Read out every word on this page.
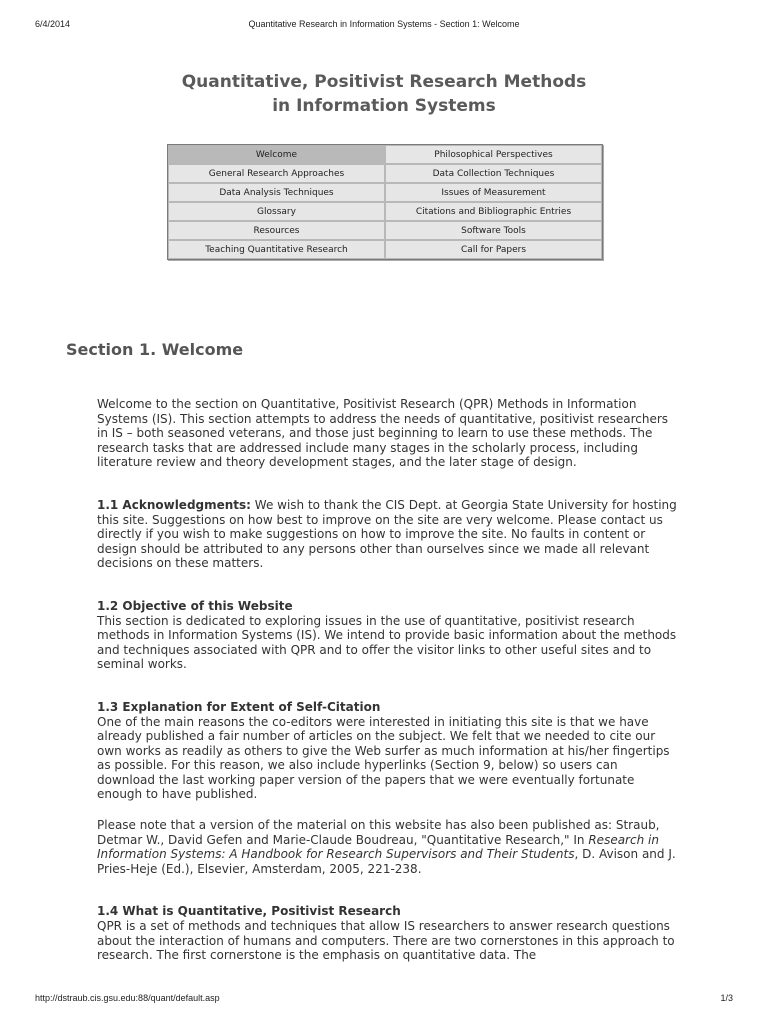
6/4/2014	Quantitative Research in Information Systems - Section 1: Welcome
Quantitative, Positivist Research Methods
in Information Systems
Welcome	Philosophical Perspectives
General Research Approaches	Data Collection Techniques
Data Analysis Techniques	Issues of Measurement
Glossary	Citations and Bibliographic Entries
Resources	Software Tools
Teaching Quantitative Research	Call for Papers
Section 1. Welcome

Welcome to the section on Quantitative, Positivist Research (QPR) Methods in Information Systems (IS). This section attempts to address the needs of quantitative, positivist researchers in IS – both seasoned veterans, and those just beginning to learn to use these methods. The research tasks that are addressed include many stages in the scholarly process, including literature review and theory development stages, and the later stage of design.

1.1 Acknowledgments: We wish to thank the CIS Dept. at Georgia State University for hosting this site. Suggestions on how best to improve on the site are very welcome. Please contact us directly if you wish to make suggestions on how to improve the site. No faults in content or design should be attributed to any persons other than ourselves since we made all relevant decisions on these matters.

1.2 Objective of this Website

This section is dedicated to exploring issues in the use of quantitative, positivist research methods in Information Systems (IS). We intend to provide basic information about the methods and techniques associated with QPR and to offer the visitor links to other useful sites and to seminal works.

1.3 Explanation for Extent of Self-Citation

One of the main reasons the co-editors were interested in initiating this site is that we have already published a fair number of articles on the subject. We felt that we needed to cite our own works as readily as others to give the Web surfer as much information at his/her fingertips as possible. For this reason, we also include hyperlinks (Section 9, below) so users can download the last working paper version of the papers that we were eventually fortunate enough to have published.

Please note that a version of the material on this website has also been published as: Straub, Detmar W., David Gefen and Marie-Claude Boudreau, "Quantitative Research," In Research in Information Systems: A Handbook for Research Supervisors and Their Students, D. Avison and J. Pries-Heje (Ed.), Elsevier, Amsterdam, 2005, 221-238.

1.4 What is Quantitative, Positivist Research

QPR is a set of methods and techniques that allow IS researchers to answer research questions about the interaction of humans and computers. There are two cornerstones in this approach to research. The first cornerstone is the emphasis on quantitative data. The

http://dstraub.cis.gsu.edu:88/quant/default.asp	1/3
